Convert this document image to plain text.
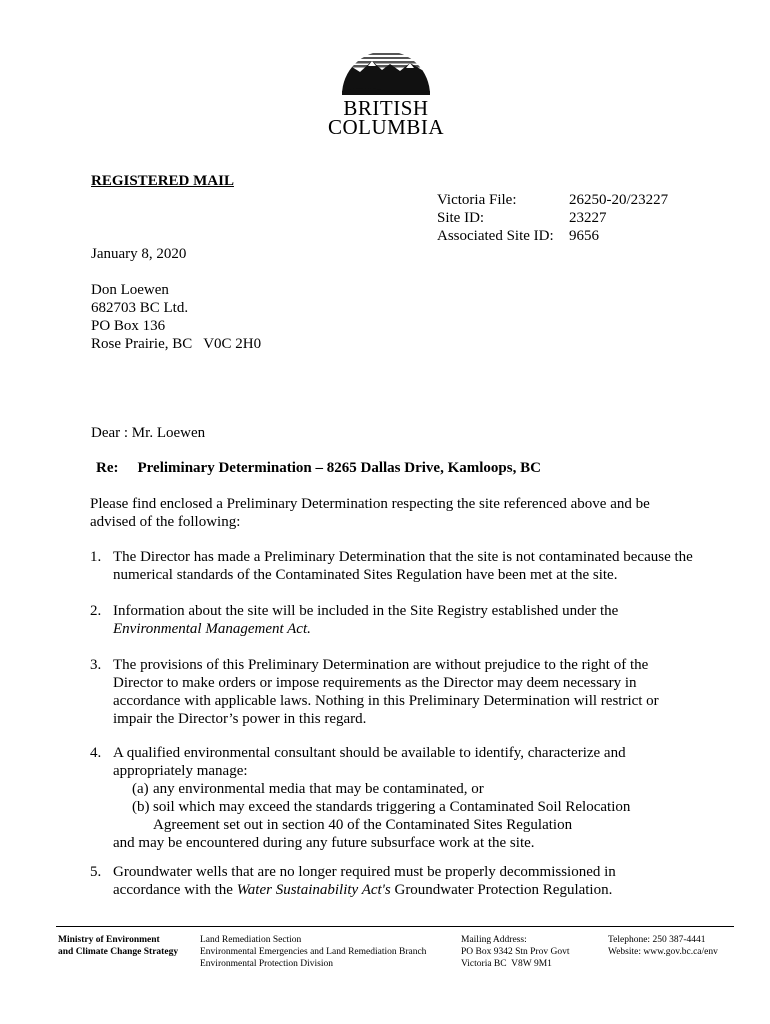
BRITISH
COLUMBIA
REGISTERED MAIL
Victoria File:	26250-20/23227
Site ID:	23227
Associated Site ID:	9656
January 8, 2020
Don Loewen
682703 BC Ltd.
PO Box 136
Rose Prairie, BC   V0C 2H0
Dear : Mr. Loewen
Re: Preliminary Determination – 8265 Dallas Drive, Kamloops, BC
Please find enclosed a Preliminary Determination respecting the site referenced above and be advised of the following:
1. The Director has made a Preliminary Determination that the site is not contaminated because the numerical standards of the Contaminated Sites Regulation have been met at the site.
2. Information about the site will be included in the Site Registry established under the Environmental Management Act.
3. The provisions of this Preliminary Determination are without prejudice to the right of the Director to make orders or impose requirements as the Director may deem necessary in accordance with applicable laws. Nothing in this Preliminary Determination will restrict or impair the Director’s power in this regard.
4. A qualified environmental consultant should be available to identify, characterize and appropriately manage:
(a) any environmental media that may be contaminated, or
(b) soil which may exceed the standards triggering a Contaminated Soil Relocation Agreement set out in section 40 of the Contaminated Sites Regulation
and may be encountered during any future subsurface work at the site.
5. Groundwater wells that are no longer required must be properly decommissioned in accordance with the Water Sustainability Act's Groundwater Protection Regulation.
Ministry of Environment
and Climate Change Strategy
Land Remediation Section
Environmental Emergencies and Land Remediation Branch
Environmental Protection Division
Mailing Address:
PO Box 9342 Stn Prov Govt
Victoria BC  V8W 9M1
Telephone: 250 387-4441
Website: www.gov.bc.ca/env
